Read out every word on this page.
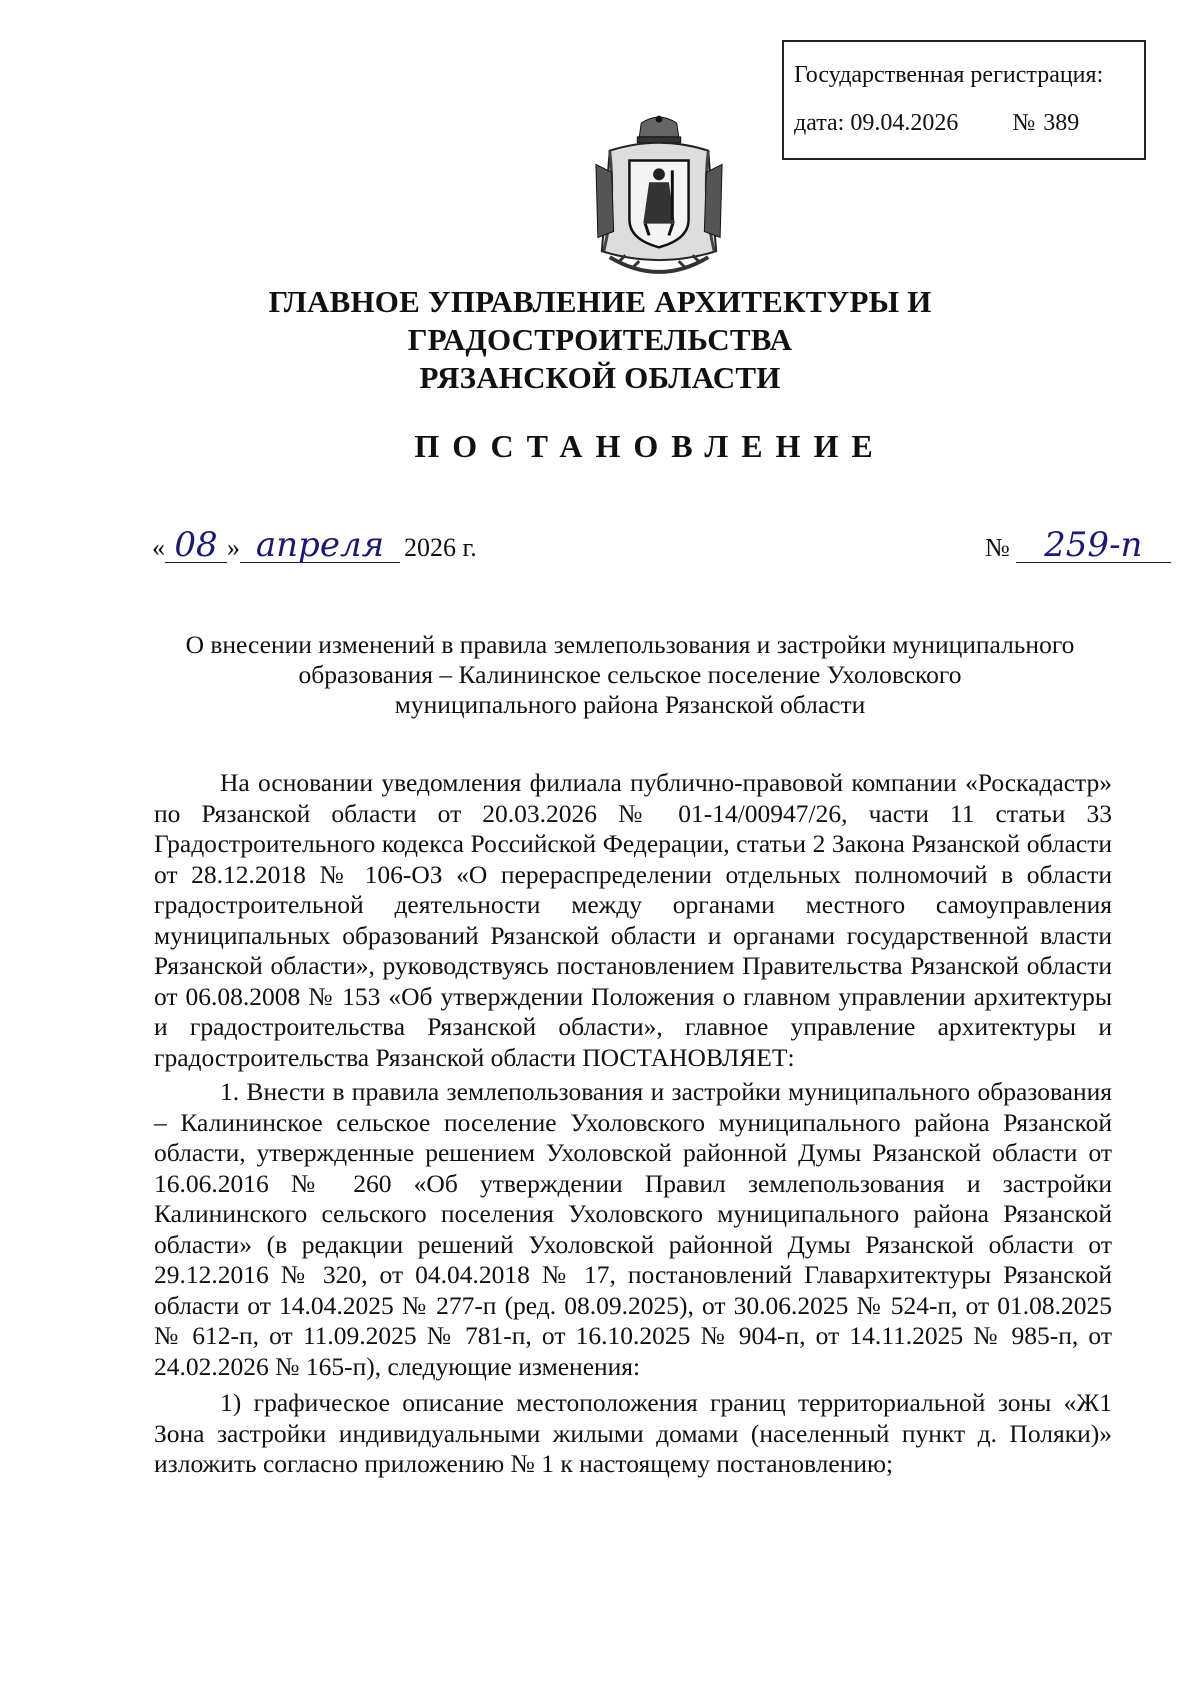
Государственная регистрация:
дата: 09.04.2026 № 389
ГЛАВНОЕ УПРАВЛЕНИЕ АРХИТЕКТУРЫ И ГРАДОСТРОИТЕЛЬСТВА
РЯЗАНСКОЙ ОБЛАСТИ
ПОСТАНОВЛЕНИЕ
« 08 » апреля 2026 г.	№	259-п
О внесении изменений в правила землепользования и застройки муниципального
образования – Калининское сельское поселение Ухоловского
муниципального района Рязанской области

На основании уведомления филиала публично-правовой компании «Роскадастр» по Рязанской области от 20.03.2026 № 01-14/00947/26, части 11 статьи 33 Градостроительного кодекса Российской Федерации, статьи 2 Закона Рязанской области от 28.12.2018 № 106-ОЗ «О перераспределении отдельных полномочий в области градостроительной деятельности между органами местного самоуправления муниципальных образований Рязанской области и органами государственной власти Рязанской области», руководствуясь постановлением Правительства Рязанской области от 06.08.2008 № 153 «Об утверждении Положения о главном управлении архитектуры и градостроительства Рязанской области», главное управление архитектуры и градостроительства Рязанской области ПОСТАНОВЛЯЕТ:

1. Внести в правила землепользования и застройки муниципального образования – Калининское сельское поселение Ухоловского муниципального района Рязанской области, утвержденные решением Ухоловской районной Думы Рязанской области от 16.06.2016 № 260 «Об утверждении Правил землепользования и застройки Калининского сельского поселения Ухоловского муниципального района Рязанской области» (в редакции решений Ухоловской районной Думы Рязанской области от 29.12.2016 № 320, от 04.04.2018 № 17, постановлений Главархитектуры Рязанской области от 14.04.2025 № 277-п (ред. 08.09.2025), от 30.06.2025 № 524-п, от 01.08.2025 № 612-п, от 11.09.2025 № 781-п, от 16.10.2025 № 904-п, от 14.11.2025 № 985-п, от 24.02.2026 № 165-п), следующие изменения:

1) графическое описание местоположения границ территориальной зоны «Ж1 Зона застройки индивидуальными жилыми домами (населенный пункт д. Поляки)» изложить согласно приложению № 1 к настоящему постановлению;
